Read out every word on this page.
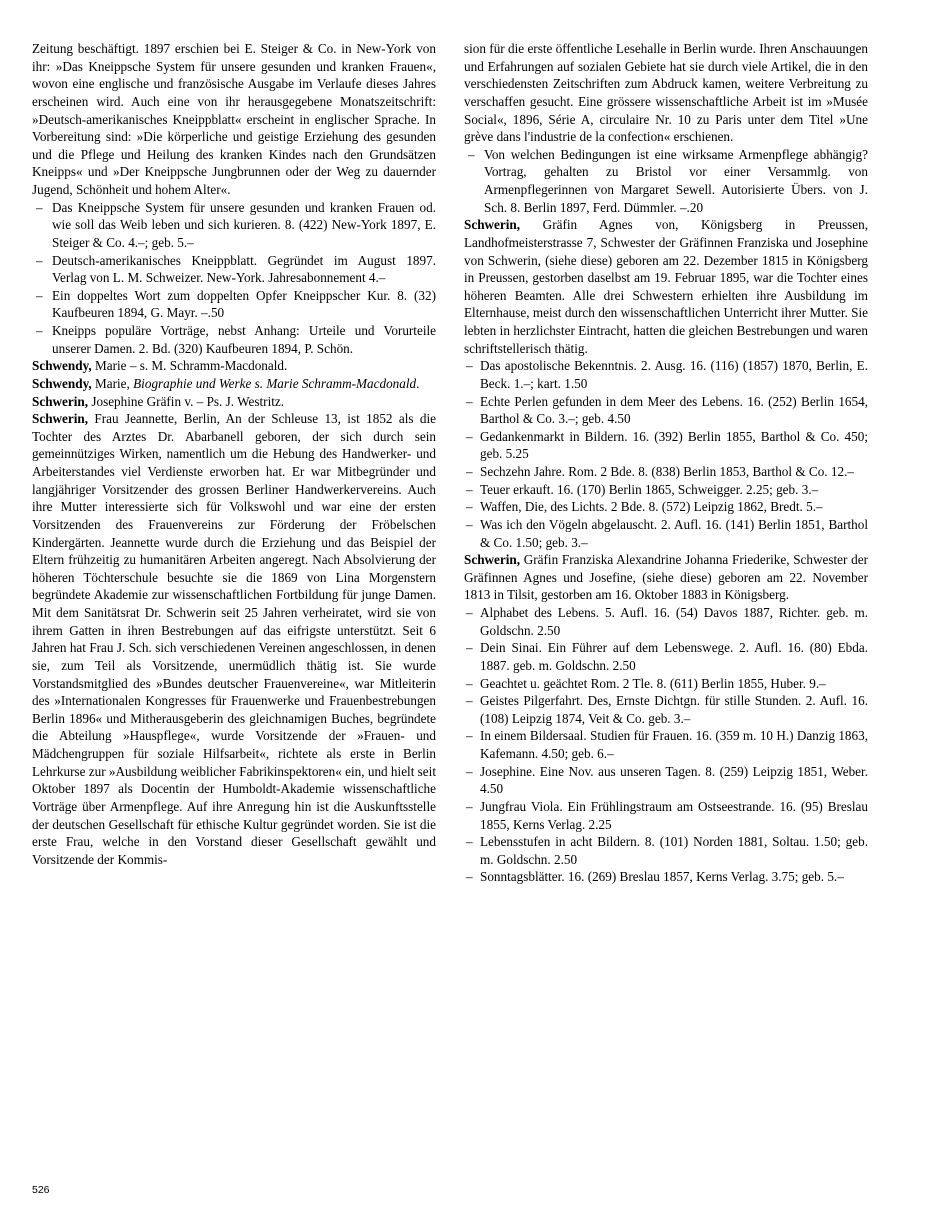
Zeitung beschäftigt. 1897 erschien bei E. Steiger & Co. in New-York von ihr: »Das Kneippsche System für unsere gesunden und kranken Frauen«, wovon eine englische und französische Ausgabe im Verlaufe dieses Jahres erscheinen wird. Auch eine von ihr herausgegebene Monatszeitschrift: »Deutsch-amerikanisches Kneippblatt« erscheint in englischer Sprache. In Vorbereitung sind: »Die körperliche und geistige Erziehung des gesunden und die Pflege und Heilung des kranken Kindes nach den Grundsätzen Kneipps« und »Der Kneippsche Jungbrunnen oder der Weg zu dauernder Jugend, Schönheit und hohem Alter«.

– Das Kneippsche System für unsere gesunden und kranken Frauen od. wie soll das Weib leben und sich kurieren. 8. (422) New-York 1897, E. Steiger & Co. 4.–; geb. 5.–
– Deutsch-amerikanisches Kneippblatt. Gegründet im August 1897. Verlag von L. M. Schweizer. New-York. Jahresabonnement 4.–
– Ein doppeltes Wort zum doppelten Opfer Kneippscher Kur. 8. (32) Kaufbeuren 1894, G. Mayr. –.50
– Kneipps populäre Vorträge, nebst Anhang: Urteile und Vorurteile unserer Damen. 2. Bd. (320) Kaufbeuren 1894, P. Schön.

Schwendy, Marie – s. M. Schramm-Macdonald.

Schwendy, Marie, Biographie und Werke s. Marie Schramm-Macdonald.

Schwerin, Josephine Gräfin v. – Ps. J. Westritz.

Schwerin, Frau Jeannette, Berlin, An der Schleuse 13, ist 1852 als die Tochter des Arztes Dr. Abarbanell geboren, der sich durch sein gemeinnütziges Wirken, namentlich um die Hebung des Handwerker- und Arbeiterstandes viel Verdienste erworben hat. Er war Mitbegründer und langjähriger Vorsitzender des grossen Berliner Handwerkervereins. Auch ihre Mutter interessierte sich für Volkswohl und war eine der ersten Vorsitzenden des Frauenvereins zur Förderung der Fröbelschen Kindergärten. Jeannette wurde durch die Erziehung und das Beispiel der Eltern frühzeitig zu humanitären Arbeiten angeregt. Nach Absolvierung der höheren Töchterschule besuchte sie die 1869 von Lina Morgenstern begründete Akademie zur wissenschaftlichen Fortbildung für junge Damen. Mit dem Sanitätsrat Dr. Schwerin seit 25 Jahren verheiratet, wird sie von ihrem Gatten in ihren Bestrebungen auf das eifrigste unterstützt. Seit 6 Jahren hat Frau J. Sch. sich verschiedenen Vereinen angeschlossen, in denen sie, zum Teil als Vorsitzende, unermüdlich thätig ist. Sie wurde Vorstandsmitglied des »Bundes deutscher Frauenvereine«, war Mitleiterin des »Internationalen Kongresses für Frauenwerke und Frauenbestrebungen Berlin 1896« und Mitherausgeberin des gleichnamigen Buches, begründete die Abteilung »Hauspflege«, wurde Vorsitzende der »Frauen- und Mädchengruppen für soziale Hilfsarbeit«, richtete als erste in Berlin Lehrkurse zur »Ausbildung weiblicher Fabrikinspektoren« ein, und hielt seit Oktober 1897 als Docentin der Humboldt-Akademie wissenschaftliche Vorträge über Armenpflege. Auf ihre Anregung hin ist die Auskunftsstelle der deutschen Gesellschaft für ethische Kultur gegründet worden. Sie ist die erste Frau, welche in den Vorstand dieser Gesellschaft gewählt und Vorsitzende der Kommis-

sion für die erste öffentliche Lesehalle in Berlin wurde. Ihren Anschauungen und Erfahrungen auf sozialen Gebiete hat sie durch viele Artikel, die in den verschiedensten Zeitschriften zum Abdruck kamen, weitere Verbreitung zu verschaffen gesucht. Eine grössere wissenschaftliche Arbeit ist im »Musée Social«, 1896, Série A, circulaire Nr. 10 zu Paris unter dem Titel »Une grève dans l'industrie de la confection« erschienen.

– Von welchen Bedingungen ist eine wirksame Armenpflege abhängig? Vortrag, gehalten zu Bristol vor einer Versammlg. von Armenpflegerinnen von Margaret Sewell. Autorisierte Übers. von J. Sch. 8. Berlin 1897, Ferd. Dümmler. –.20

Schwerin, Gräfin Agnes von, Königsberg in Preussen, Landhofmeisterstrasse 7, Schwester der Gräfinnen Franziska und Josephine von Schwerin, (siehe diese) geboren am 22. Dezember 1815 in Königsberg in Preussen, gestorben daselbst am 19. Februar 1895, war die Tochter eines höheren Beamten. Alle drei Schwestern erhielten ihre Ausbildung im Elternhause, meist durch den wissenschaftlichen Unterricht ihrer Mutter. Sie lebten in herzlichster Eintracht, hatten die gleichen Bestrebungen und waren schriftstellerisch thätig.

– Das apostolische Bekenntnis. 2. Ausg. 16. (116) (1857) 1870, Berlin, E. Beck. 1.–; kart. 1.50
– Echte Perlen gefunden in dem Meer des Lebens. 16. (252) Berlin 1654, Barthol & Co. 3.–; geb. 4.50
– Gedankenmarkt in Bildern. 16. (392) Berlin 1855, Barthol & Co. 450; geb. 5.25
– Sechzehn Jahre. Rom. 2 Bde. 8. (838) Berlin 1853, Barthol & Co. 12.–
– Teuer erkauft. 16. (170) Berlin 1865, Schweigger. 2.25; geb. 3.–
– Waffen, Die, des Lichts. 2 Bde. 8. (572) Leipzig 1862, Bredt. 5.–
– Was ich den Vögeln abgelauscht. 2. Aufl. 16. (141) Berlin 1851, Barthol & Co. 1.50; geb. 3.–

Schwerin, Gräfin Franziska Alexandrine Johanna Friederike, Schwester der Gräfinnen Agnes und Josefine, (siehe diese) geboren am 22. November 1813 in Tilsit, gestorben am 16. Oktober 1883 in Königsberg.

– Alphabet des Lebens. 5. Aufl. 16. (54) Davos 1887, Richter. geb. m. Goldschn. 2.50
– Dein Sinai. Ein Führer auf dem Lebenswege. 2. Aufl. 16. (80) Ebda. 1887. geb. m. Goldschn. 2.50
– Geachtet u. geächtet Rom. 2 Tle. 8. (611) Berlin 1855, Huber. 9.–
– Geistes Pilgerfahrt. Des, Ernste Dichtgn. für stille Stunden. 2. Aufl. 16. (108) Leipzig 1874, Veit & Co. geb. 3.–
– In einem Bildersaal. Studien für Frauen. 16. (359 m. 10 H.) Danzig 1863, Kafemann. 4.50; geb. 6.–
– Josephine. Eine Nov. aus unseren Tagen. 8. (259) Leipzig 1851, Weber. 4.50
– Jungfrau Viola. Ein Frühlingstraum am Ostseestrande. 16. (95) Breslau 1855, Kerns Verlag. 2.25
– Lebensstufen in acht Bildern. 8. (101) Norden 1881, Soltau. 1.50; geb. m. Goldschn. 2.50
– Sonntagsblätter. 16. (269) Breslau 1857, Kerns Verlag. 3.75; geb. 5.–
526
